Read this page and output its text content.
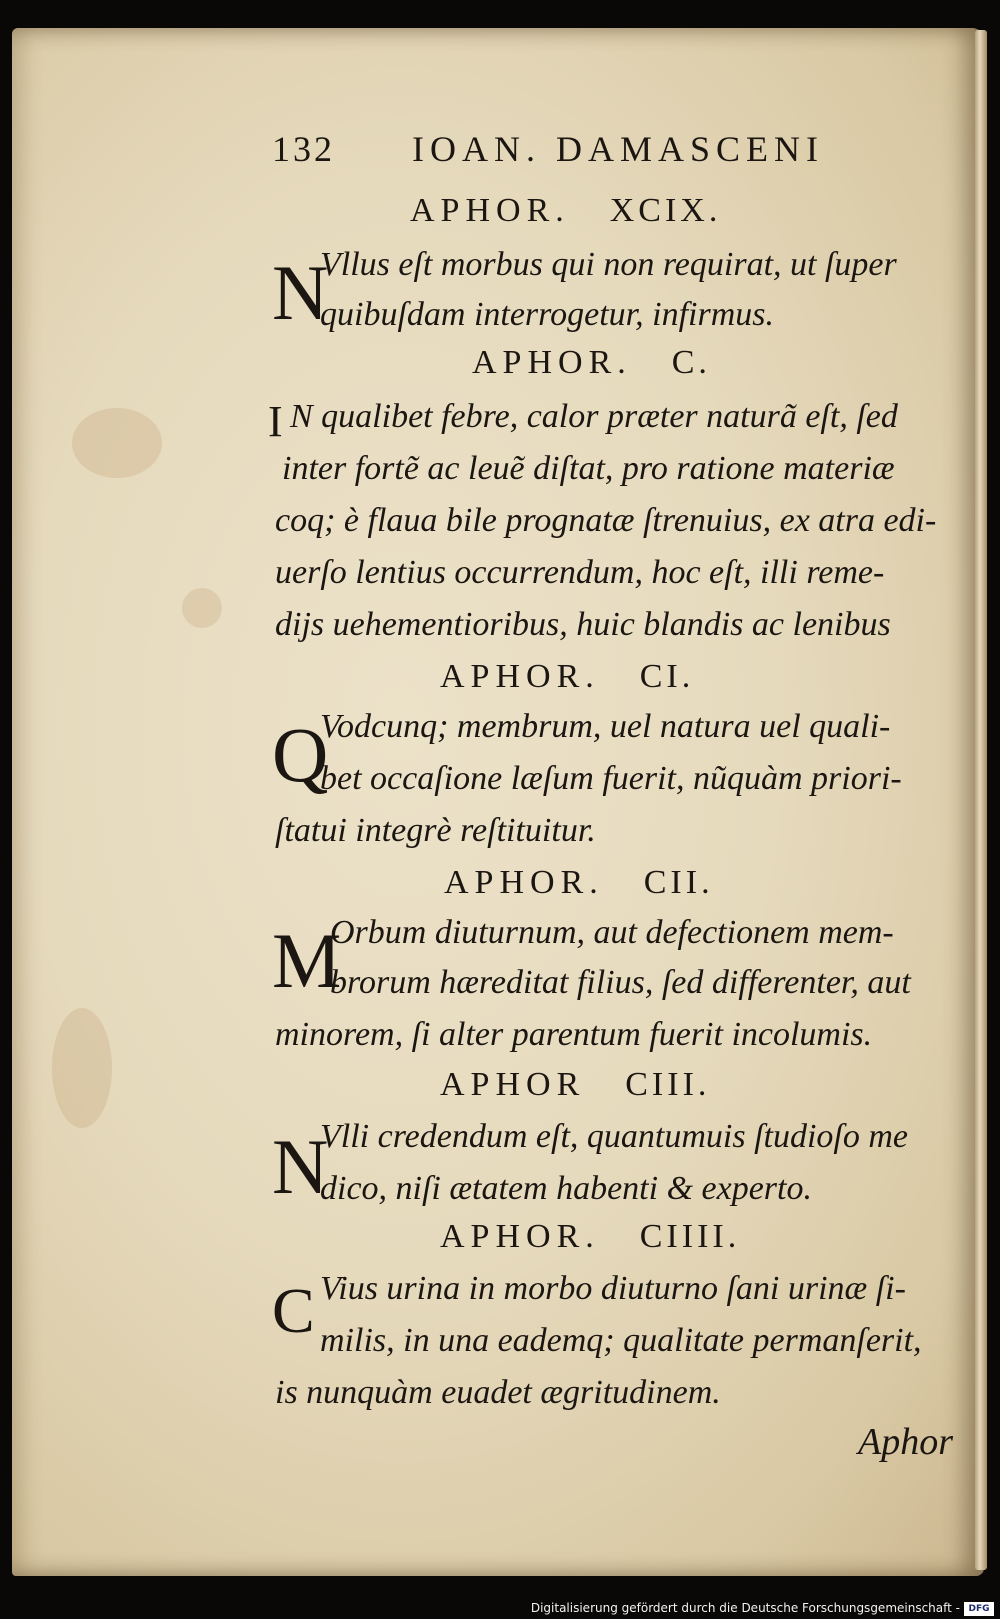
132 IOAN. DAMASCENI
APHOR. XCIX.
N
Vllus eſt morbus qui non requirat, ut ſuper
quibuſdam interrogetur, infirmus.
APHOR. C.
I N qualibet febre, calor præter naturã eſt, ſed
inter fortẽ ac leuẽ diſtat, pro ratione materiæ
coq; è flaua bile prognatæ ſtrenuius, ex atra edi-
uerſo lentius occurrendum, hoc eſt, illi reme-
dijs uehementioribus, huic blandis ac lenibus
APHOR. CI.
Q
Vodcunq; membrum, uel natura uel quali-
bet occaſione læſum fuerit, nũquàm priori-
ſtatui integrè reſtituitur.
APHOR. CII.
M
Orbum diuturnum, aut defectionem mem-
brorum hæreditat filius, ſed differenter, aut
minorem, ſi alter parentum fuerit incolumis.
APHOR CIII.
N
Vlli credendum eſt, quantumuis ſtudioſo me
dico, niſi ætatem habenti & experto.
APHOR. CIIII.
C Vius urina in morbo diuturno ſani urinæ ſi-
milis, in una eademq; qualitate permanſerit,
is nunquàm euadet ægritudinem.
Aphor
Digitalisierung gefördert durch die Deutsche Forschungsgemeinschaft - DFG
